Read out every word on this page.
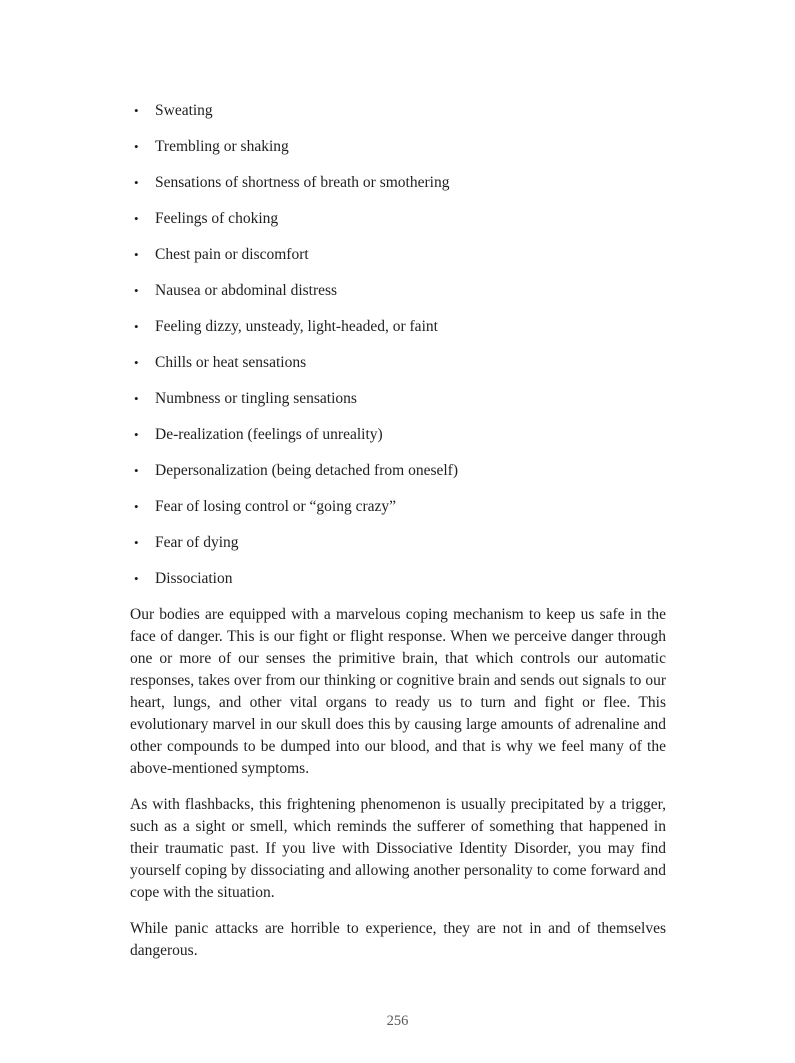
•	Sweating
•	Trembling or shaking
•	Sensations of shortness of breath or smothering
•	Feelings of choking
•	Chest pain or discomfort
•	Nausea or abdominal distress
•	Feeling dizzy, unsteady, light-headed, or faint
•	Chills or heat sensations
•	Numbness or tingling sensations
•	De-realization (feelings of unreality)
•	Depersonalization (being detached from oneself)
•	Fear of losing control or “going crazy”
•	Fear of dying
•	Dissociation

Our bodies are equipped with a marvelous coping mechanism to keep us safe in the face of danger. This is our fight or flight response. When we perceive danger through one or more of our senses the primitive brain, that which controls our automatic responses, takes over from our thinking or cognitive brain and sends out signals to our heart, lungs, and other vital organs to ready us to turn and fight or flee. This evolutionary marvel in our skull does this by causing large amounts of adrenaline and other compounds to be dumped into our blood, and that is why we feel many of the above-mentioned symptoms.

As with flashbacks, this frightening phenomenon is usually precipitated by a trigger, such as a sight or smell, which reminds the sufferer of something that happened in their traumatic past. If you live with Dissociative Identity Disorder, you may find yourself coping by dissociating and allowing another personality to come forward and cope with the situation.

While panic attacks are horrible to experience, they are not in and of themselves dangerous.

256
